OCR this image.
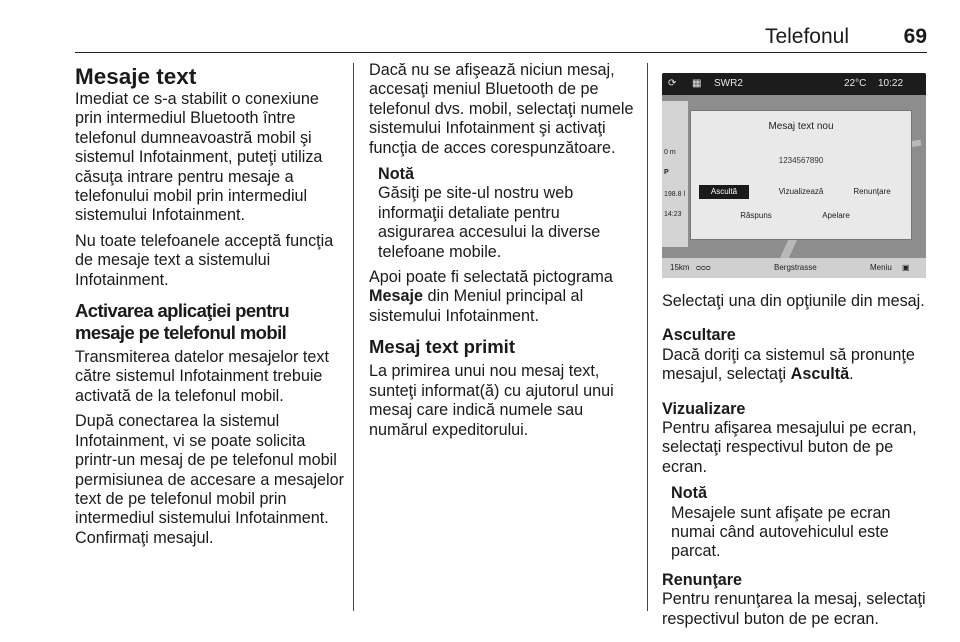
Telefonul	69
Mesaje text

Imediat ce s-a stabilit o conexiune prin intermediul Bluetooth între telefonul dumneavoastră mobil şi sistemul Infotainment, puteţi utiliza căsuţa intrare pentru mesaje a telefonului mobil prin intermediul sistemului Infotainment.

Nu toate telefoanele acceptă funcţia de mesaje text a sistemului Infotainment.

Activarea aplicaţiei pentru mesaje pe telefonul mobil

Transmiterea datelor mesajelor text către sistemul Infotainment trebuie activată de la telefonul mobil.

După conectarea la sistemul Infotainment, vi se poate solicita printr-un mesaj de pe telefonul mobil permisiunea de accesare a mesajelor text de pe telefonul mobil prin intermediul sistemului Infotainment. Confirmaţi mesajul.

Dacă nu se afişează niciun mesaj, accesaţi meniul Bluetooth de pe telefonul dvs. mobil, selectaţi numele sistemului Infotainment şi activaţi funcţia de acces corespunzătoare.

Notă
Găsiţi pe site-ul nostru web informaţii detaliate pentru asigurarea accesului la diverse telefoane mobile.

Apoi poate fi selectată pictograma Mesaje din Meniul principal al sistemului Infotainment.

Mesaj text primit

La primirea unui nou mesaj text, sunteţi informat(ă) cu ajutorul unui mesaj care indică numele sau numărul expeditorului.

⟳ ▦ SWR2	22°C 10:22
0 m
P
198.8 l
14:23
Mesaj text nou
1234567890
Ascultă	Vizualizează	Renunţare
Răspuns	Apelare
15km ᴑᴑᴑ	Bergstrasse	Meniu ▣

Selectaţi una din opţiunile din mesaj.

Ascultare

Dacă doriţi ca sistemul să pronunţe mesajul, selectaţi Ascultă.

Vizualizare

Pentru afişarea mesajului pe ecran, selectaţi respectivul buton de pe ecran.

Notă
Mesajele sunt afişate pe ecran numai când autovehiculul este parcat.
Renunţare

Pentru renunţarea la mesaj, selectaţi respectivul buton de pe ecran.
